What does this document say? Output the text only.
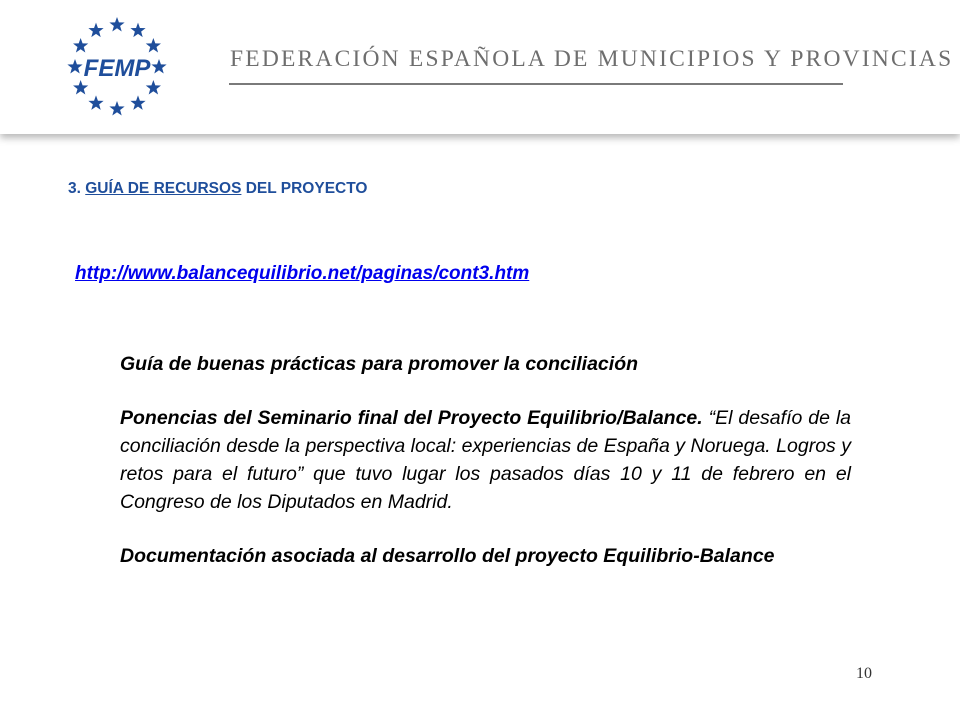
FEMP	FEDERACIÓN ESPAÑOLA DE MUNICIPIOS Y PROVINCIAS
3. GUÍA DE RECURSOS DEL PROYECTO
http://www.balancequilibrio.net/paginas/cont3.htm

Guía de buenas prácticas para promover la conciliación

Ponencias del Seminario final del Proyecto Equilibrio/Balance. “El desafío de la conciliación desde la perspectiva local: experiencias de España y Noruega. Logros y retos para el futuro” que tuvo lugar los pasados días 10 y 11 de febrero en el Congreso de los Diputados en Madrid.

Documentación asociada al desarrollo del proyecto Equilibrio-Balance

10
